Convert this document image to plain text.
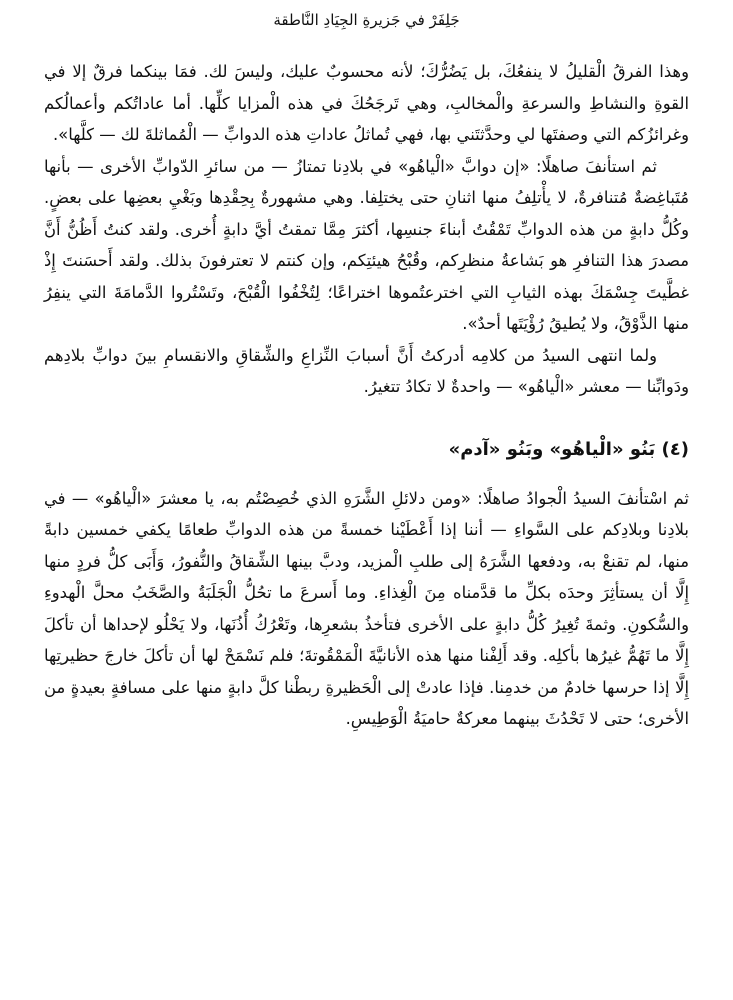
جَلِفَرْ في جَزيرةِ الجِيَادِ النَّاطقة

وهذا الفرقُ الْقليلُ لا ينفعُكَ، بل يَضُرُّكَ؛ لأنه محسوبٌ عليك، وليسَ لك. فمَا بينكما فرقٌ إلا في القوةِ والنشاطِ والسرعةِ والْمخالبِ، وهي تَرجَحُكَ في هذه الْمزايا كلِّها. أما عاداتُكم وأعمالُكم وغرائزُكم التي وصفتَها لي وحدَّثتَني بها، فهي تُماثلُ عاداتِ هذه الدوابِّ — الْمُماثلةَ لك — كلَّها».

ثم استأنفَ صاهلًا: «إن دوابَّ «الْياهُو» في بلادِنا تمتازُ — من سائرِ الدّوابِّ الأخرى — بأنها مُتَباغِضةٌ مُتنافرةٌ، لا يأْتلِفُ منها اثنانِ حتى يختلِفا. وهي مشهورةٌ بِحِقْدِها وبَغْيِ بعضِها على بعضٍ. وكُلُّ دابةٍ من هذه الدوابِّ تَمْقُتُ أبناءَ جنسِها، أكثرَ مِمَّا تمقتُ أيَّ دابةٍ أُخرى. ولقد كنتُ أَظُنُّ أَنَّ مصدرَ هذا التنافرِ هو بَشاعةُ منظرِكم، وقُبْحُ هيئتِكم، وإن كنتم لا تعترفونَ بذلك. ولقد أَحسَنتَ إِذْ غطَّيتَ جِسْمَكَ بهذه الثيابِ التي اخترعتُموها اختراعًا؛ لِتُخْفُوا الْقُبْحَ، وتَسْتُروا الدَّمامَةَ التي ينفِرُ منها الذَّوْقُ، ولا يُطيقُ رُؤْيَتَها أحدٌ».

ولما انتهى السيدُ من كلامِه أدركتُ أَنَّ أسبابَ النِّزاعِ والشِّقاقِ والانقسامِ بينَ دوابِّ بلادِهم ودَوابِّنا — معشر «الْياهُو» — واحدةٌ لا تكادُ تتغيرُ.

(٤) بَنُو «الْياهُو» وبَنُو «آدم»

ثم اسْتأنفَ السيدُ الْجوادُ صاهلًا: «ومن دلائلِ الشَّرَهِ الذي خُصِصْتُم به، يا معشرَ «الْياهُو» — في بلادِنا وبلادِكم على السَّواءِ — أننا إذا أَعْطَيْنا خمسةً من هذه الدوابِّ طعامًا يكفي خمسين دابةً منها، لم تقنعْ به، ودفعها الشَّرَهُ إلى طلبِ الْمزيد، ودبَّ بينها الشِّقاقُ والنُّفورُ، وَأَبَى كلُّ فردٍ منها إِلَّا أن يستأثِرَ وحدَه بكلِّ ما قدَّمناه مِنَ الْغِذاءِ. وما أَسرعَ ما تحُلُّ الْجَلَبَةُ والصَّخَبُ محلَّ الْهدوءِ والسُّكونِ. وثمةَ تُغِيرُ كُلُّ دابةٍ على الأخرى فتأخذُ بشعرِها، وتَعْرُكُ أُذُنَها، ولا يَحْلُو لإحداها أن تأكلَ إِلَّا ما تَهُمُّ غيرُها بأكلِه. وقد أَلِفْنا منها هذه الأنانيَّةَ الْمَمْقُوتةَ؛ فلم نَسْمَحْ لها أن تأكلَ خارجَ حظيرتِها إِلَّا إذا حرسها خادمٌ من خدمِنا. فإذا عادتْ إلى الْحَظيرةِ ربطْنا كلَّ دابةٍ منها على مسافةٍ بعيدةٍ من الأخرى؛ حتى لا تَحْدُثَ بينهما معركةٌ حاميَةُ الْوَطِيسِ.
